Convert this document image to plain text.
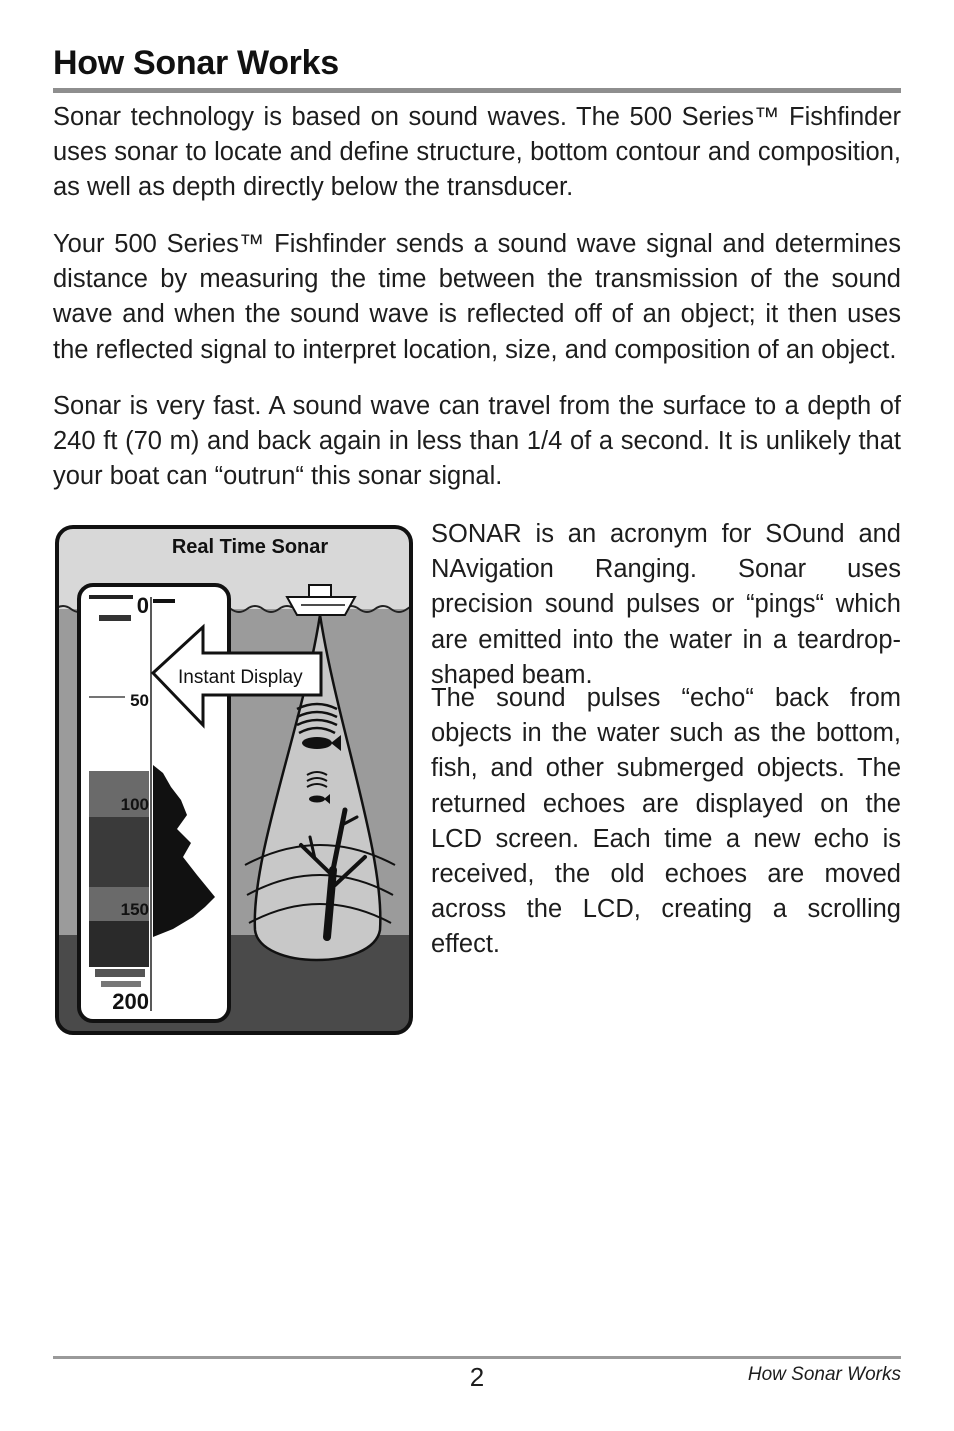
How Sonar Works

Sonar technology is based on sound waves. The 500 Series™ Fishfinder uses sonar to locate and define structure, bottom contour and composition, as well as depth directly below the transducer.

Your 500 Series™ Fishfinder sends a sound wave signal and determines distance by measuring the time between the transmission of the sound wave and when the sound wave is reflected off of an object; it then uses the reflected signal to interpret location, size, and composition of an object.

Sonar is very fast. A sound wave can travel from the surface to a depth of 240 ft (70 m) and back again in less than 1/4 of a second. It is unlikely that your boat can “outrun“ this sonar signal.

Real Time Sonar
0
50
100
150
200
Instant Display

SONAR is an acronym for SOund and NAvigation Ranging. Sonar uses precision sound pulses or “pings“ which are emitted into the water in a teardrop-shaped beam.

The sound pulses “echo“ back from objects in the water such as the bottom, fish, and other submerged objects. The returned echoes are displayed on the LCD screen. Each time a new echo is received, the old echoes are moved across the LCD, creating a scrolling effect.

2	How Sonar Works
